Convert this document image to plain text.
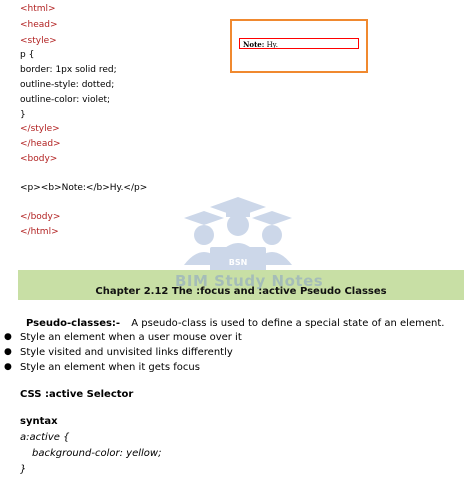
<html>
<head>
<style>
p {
border: 1px solid red;
outline-style: dotted;
outline-color: violet;
}
</style>
</head>
<body>
<p><b>Note:</b>Hy.</p>
</body>
</html>
Note: Hy.
BSN
Chapter 2.12 The :focus and :active Pseudo Classes
BIM Study Notes
Pseudo-classes:- A pseudo-class is used to define a special state of an element.
● Style an element when a user mouse over it
● Style visited and unvisited links differently
● Style an element when it gets focus
CSS :active Selector
syntax
a:active {
background-color: yellow;
}
